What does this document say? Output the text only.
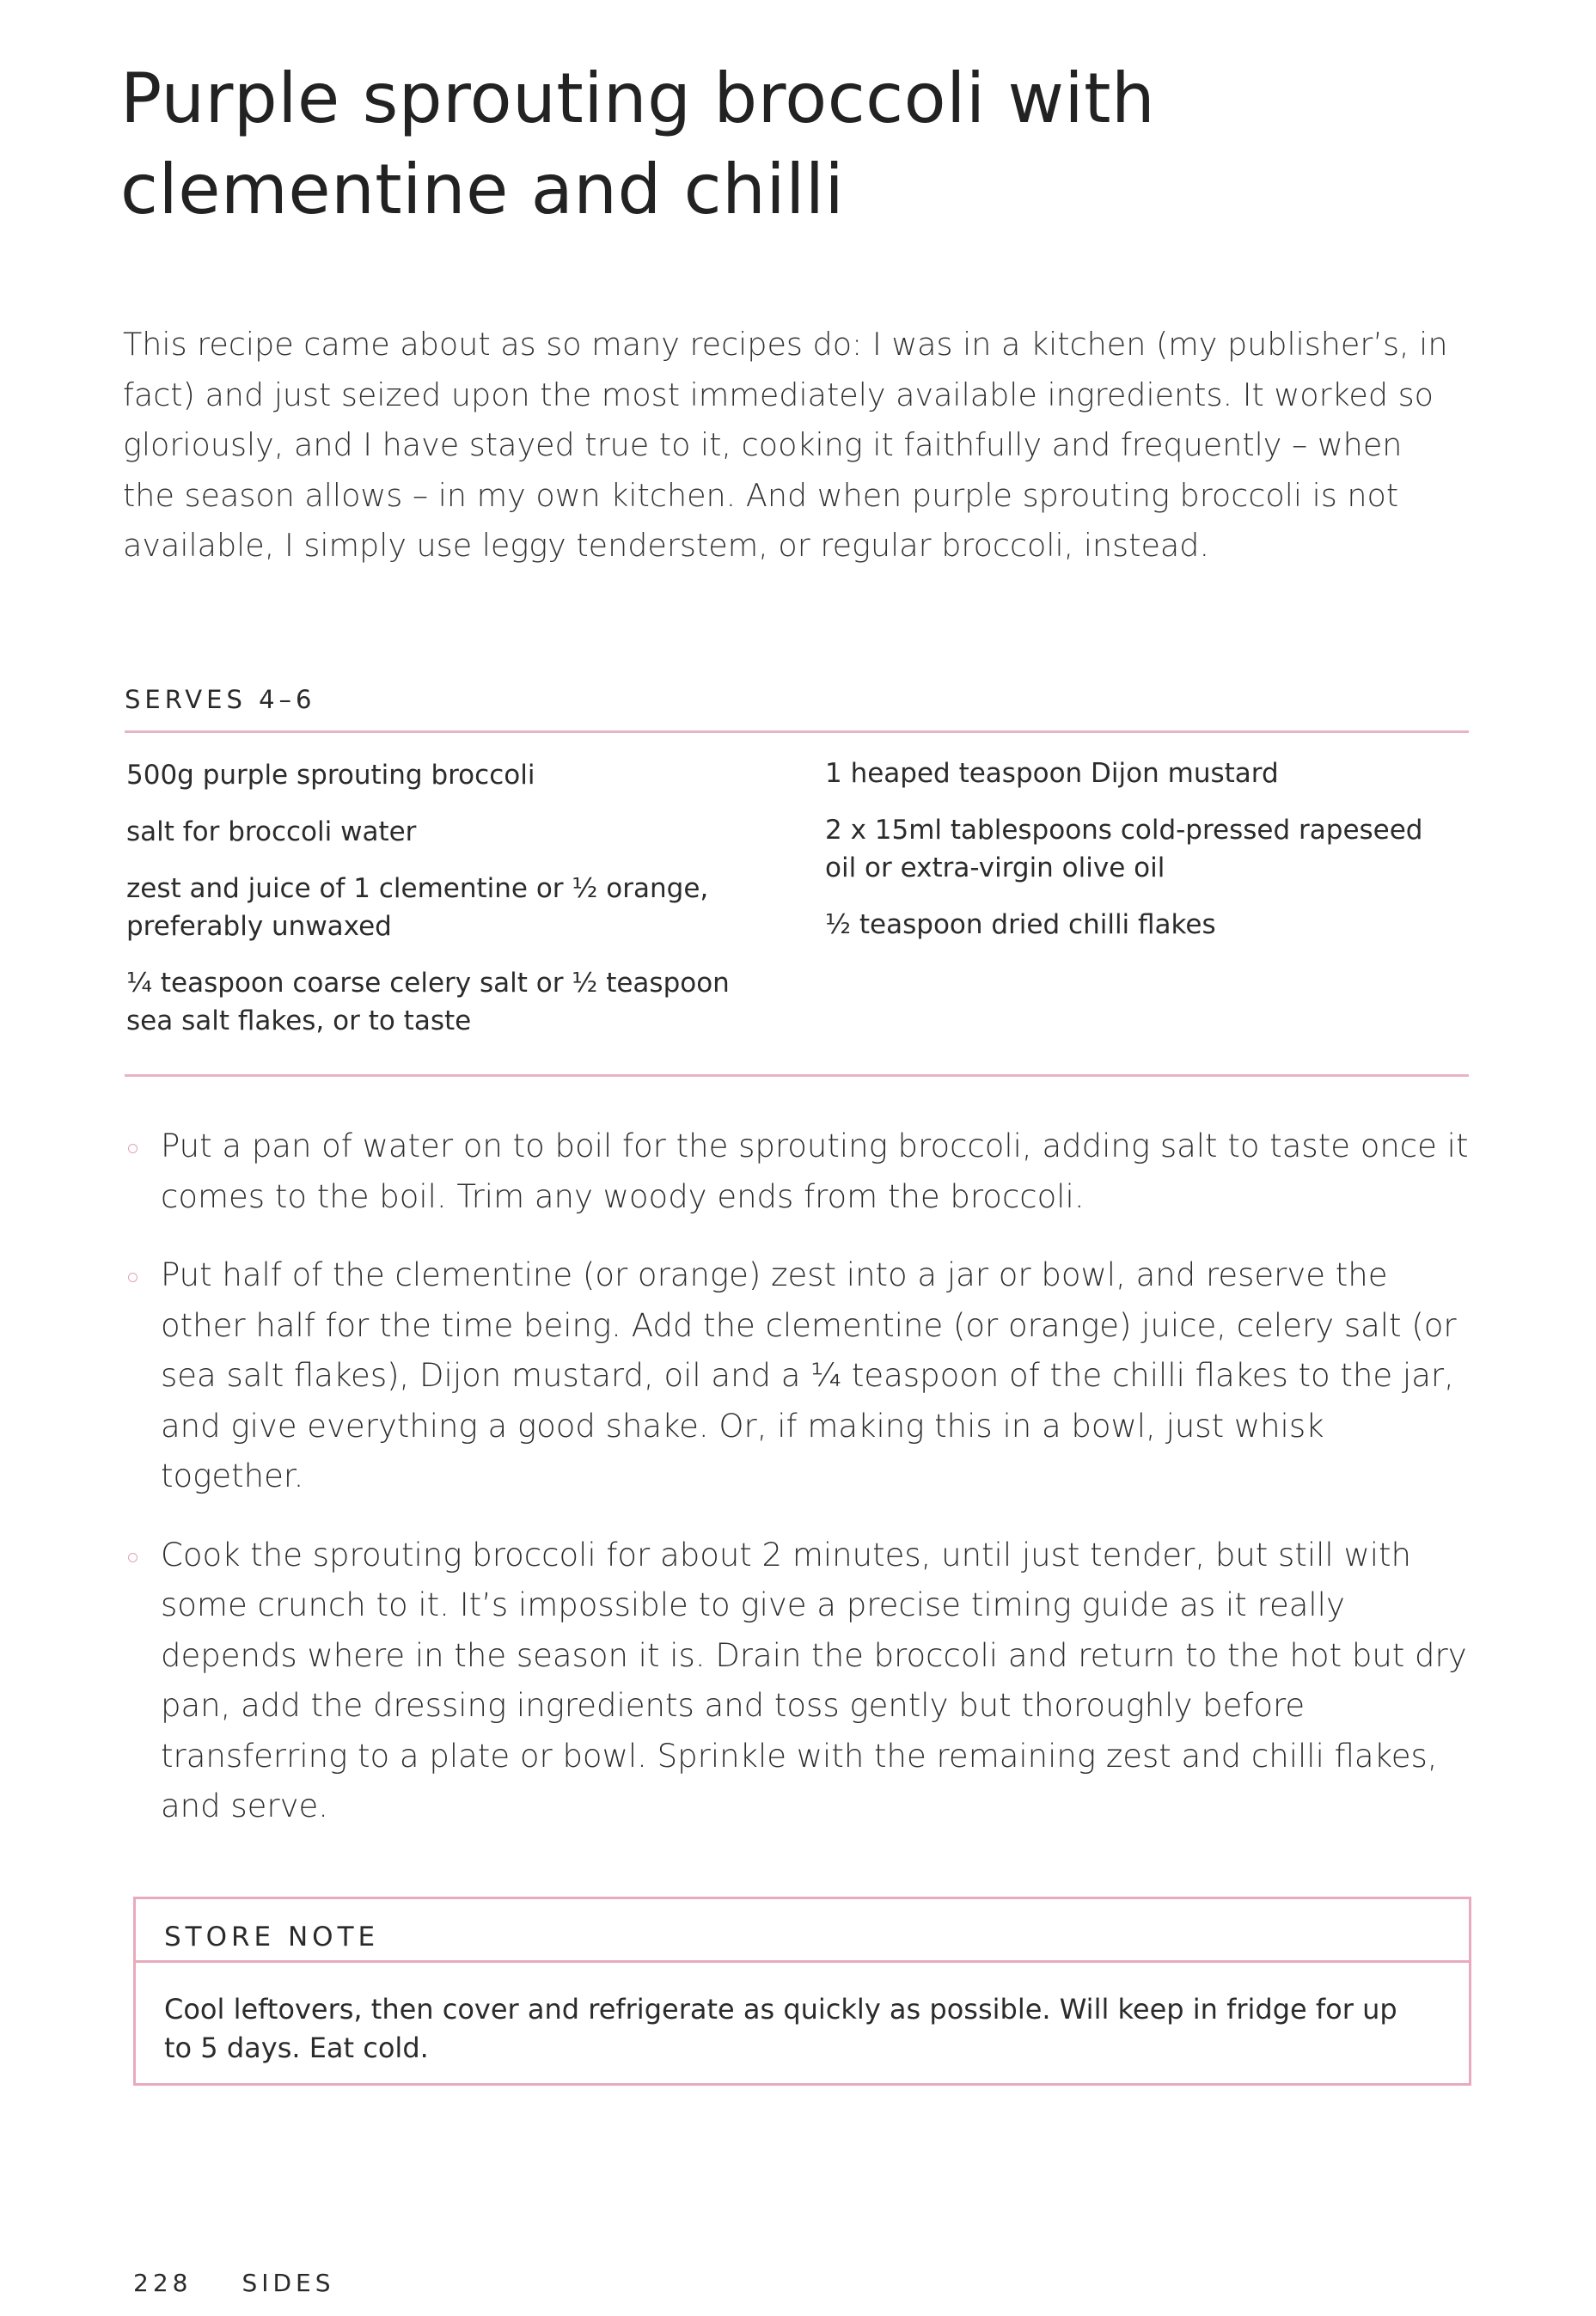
Purple sprouting broccoli with clementine and chilli

This recipe came about as so many recipes do: I was in a kitchen (my publisher’s, in fact) and just seized upon the most immediately available ingredients. It worked so gloriously, and I have stayed true to it, cooking it faithfully and frequently – when the season allows – in my own kitchen. And when purple sprouting broccoli is not available, I simply use leggy tenderstem, or regular broccoli, instead.

SERVES 4–6

500g purple sprouting broccoli
salt for broccoli water
zest and juice of 1 clementine or ½ orange, preferably unwaxed
¼ teaspoon coarse celery salt or ½ teaspoon sea salt flakes, or to taste
1 heaped teaspoon Dijon mustard
2 x 15ml tablespoons cold-pressed rapeseed oil or extra-virgin olive oil
½ teaspoon dried chilli flakes
Put a pan of water on to boil for the sprouting broccoli, adding salt to taste once it comes to the boil. Trim any woody ends from the broccoli.
Put half of the clementine (or orange) zest into a jar or bowl, and reserve the other half for the time being. Add the clementine (or orange) juice, celery salt (or sea salt flakes), Dijon mustard, oil and a ¼ teaspoon of the chilli flakes to the jar, and give everything a good shake. Or, if making this in a bowl, just whisk together.
Cook the sprouting broccoli for about 2 minutes, until just tender, but still with some crunch to it. It’s impossible to give a precise timing guide as it really depends where in the season it is. Drain the broccoli and return to the hot but dry pan, add the dressing ingredients and toss gently but thoroughly before transferring to a plate or bowl. Sprinkle with the remaining zest and chilli flakes, and serve.

STORE NOTE

Cool leftovers, then cover and refrigerate as quickly as possible. Will keep in fridge for up to 5 days. Eat cold.

228 SIDES
